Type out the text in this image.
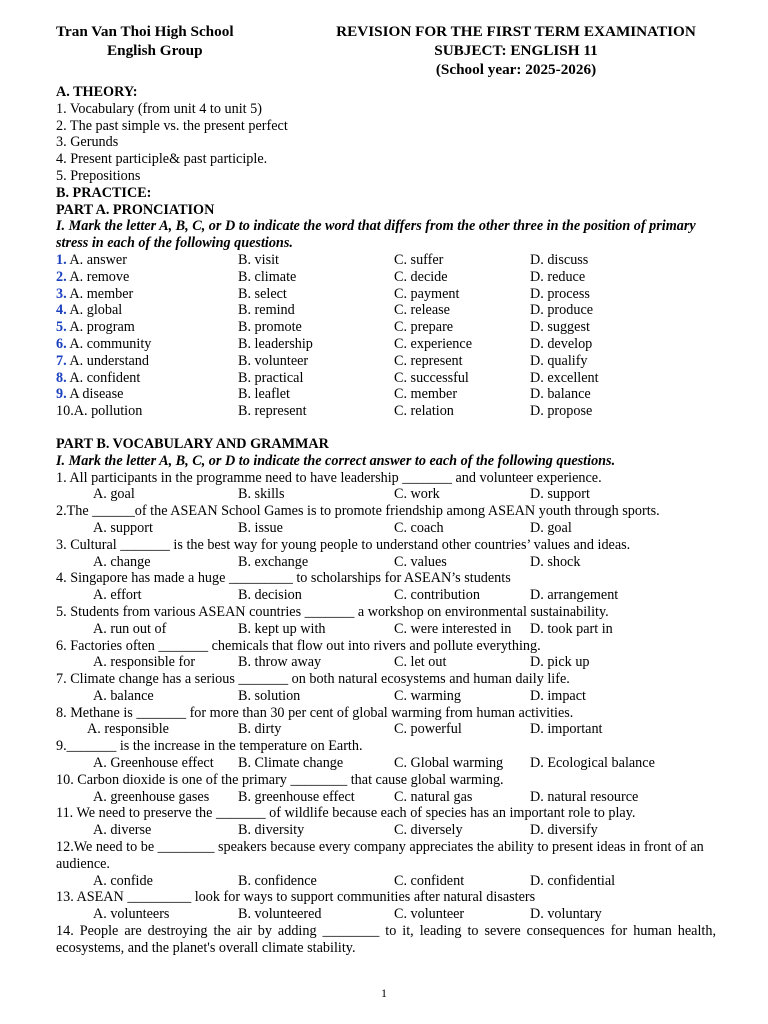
Tran Van Thoi High School
English Group
REVISION FOR THE FIRST TERM EXAMINATION
SUBJECT: ENGLISH 11
(School year: 2025-2026)
A. THEORY:
1. Vocabulary (from unit 4 to unit 5)
2. The past simple vs. the present perfect
3. Gerunds
4. Present participle& past participle.
5. Prepositions
B. PRACTICE:
PART A. PRONCIATION
I. Mark the letter A, B, C, or D to indicate the word that differs from the other three in the position of primary stress in each of the following questions.
1. A. answer	B. visit	C. suffer	D. discuss
2. A. remove	B. climate	C. decide	D. reduce
3. A. member	B. select	C. payment	D. process
4. A. global	B. remind	C. release	D. produce
5. A. program	B. promote	C. prepare	D. suggest
6. A. community	B. leadership	C. experience	D. develop
7. A. understand	B. volunteer	C. represent	D. qualify
8. A. confident	B. practical	C. successful	D. excellent
9. A disease	B. leaflet	C. member	D. balance
10.A. pollution	B. represent	C. relation	D. propose
PART B. VOCABULARY AND GRAMMAR
I. Mark the letter A, B, C, or D to indicate the correct answer to each of the following questions.
1. All participants in the programme need to have leadership _______ and volunteer experience.
A. goal	B. skills	C. work	D. support
2.The ______of the ASEAN School Games is to promote friendship among ASEAN youth through sports.
A. support	B. issue	C. coach	D. goal
3. Cultural _______ is the best way for young people to understand other countries’ values and ideas.
A. change	B. exchange	C. values	D. shock
4. Singapore has made a huge _________ to scholarships for ASEAN’s students
A. effort	B. decision	C. contribution	D. arrangement
5. Students from various ASEAN countries _______ a workshop on environmental sustainability.
A. run out of	B. kept up with	C. were interested in D. took part in
6. Factories often _______ chemicals that flow out into rivers and pollute everything.
A. responsible for	B. throw away	C. let out	D. pick up
7. Climate change has a serious _______ on both natural ecosystems and human daily life.
A. balance	B. solution	C. warming	D. impact
8. Methane is _______ for more than 30 per cent of global warming from human activities.
A. responsible	B. dirty	C. powerful	D. important
9._______ is the increase in the temperature on Earth.
A. Greenhouse effect B. Climate change	C. Global warming D. Ecological balance
10. Carbon dioxide is one of the primary ________ that cause global warming.
A. greenhouse gases B. greenhouse effect	C. natural gas	D. natural resource
11. We need to preserve the _______ of wildlife because each of species has an important role to play.
A. diverse	B. diversity	C. diversely	D. diversify
12.We need to be ________ speakers because every company appreciates the ability to present ideas in front of an audience.
A. confide	B. confidence	C. confident	D. confidential
13. ASEAN _________ look for ways to support communities after natural disasters
A. volunteers	B. volunteered	C. volunteer	D. voluntary
14. People are destroying the air by adding ________ to it, leading to severe consequences for human health, ecosystems, and the planet's overall climate stability.
1
